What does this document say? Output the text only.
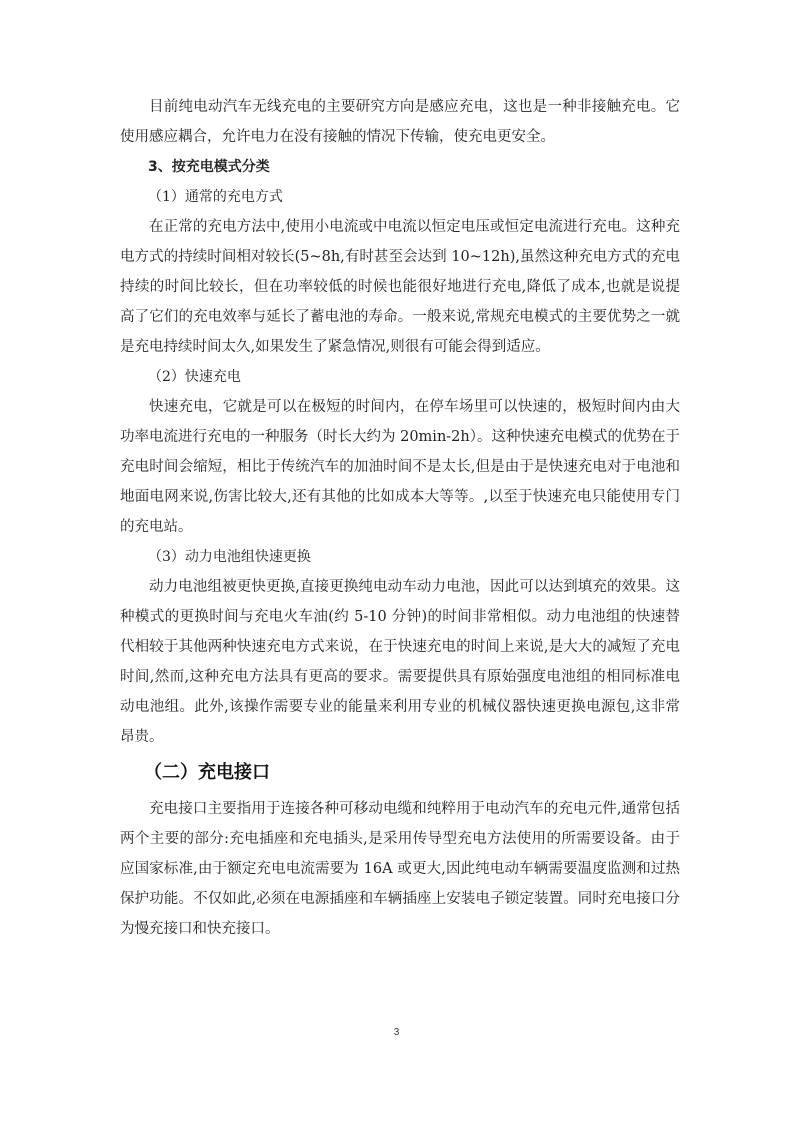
目前纯电动汽车无线充电的主要研究方向是感应充电，这也是一种非接触充电。它使用感应耦合，允许电力在没有接触的情况下传输，使充电更安全。

3、按充电模式分类

（1）通常的充电方式

在正常的充电方法中,使用小电流或中电流以恒定电压或恒定电流进行充电。这种充电方式的持续时间相对较长(5~8h,有时甚至会达到 10~12h),虽然这种充电方式的充电持续的时间比较长，但在功率较低的时候也能很好地进行充电,降低了成本,也就是说提高了它们的充电效率与延长了蓄电池的寿命。一般来说,常规充电模式的主要优势之一就是充电持续时间太久,如果发生了紧急情况,则很有可能会得到适应。

（2）快速充电

快速充电，它就是可以在极短的时间内，在停车场里可以快速的，极短时间内由大功率电流进行充电的一种服务（时长大约为 20min-2h）。这种快速充电模式的优势在于充电时间会缩短，相比于传统汽车的加油时间不是太长,但是由于是快速充电对于电池和地面电网来说,伤害比较大,还有其他的比如成本大等等。,以至于快速充电只能使用专门的充电站。

（3）动力电池组快速更换

动力电池组被更快更换,直接更换纯电动车动力电池，因此可以达到填充的效果。这种模式的更换时间与充电火车油(约 5-10 分钟)的时间非常相似。动力电池组的快速替代相较于其他两种快速充电方式来说，在于快速充电的时间上来说,是大大的减短了充电时间,然而,这种充电方法具有更高的要求。需要提供具有原始强度电池组的相同标准电动电池组。此外,该操作需要专业的能量来利用专业的机械仪器快速更换电源包,这非常昂贵。

（二）充电接口

充电接口主要指用于连接各种可移动电缆和纯粹用于电动汽车的充电元件,通常包括两个主要的部分:充电插座和充电插头,是采用传导型充电方法使用的所需要设备。由于应国家标准,由于额定充电电流需要为 16A 或更大,因此纯电动车辆需要温度监测和过热保护功能。不仅如此,必须在电源插座和车辆插座上安装电子锁定装置。同时充电接口分为慢充接口和快充接口。

3
